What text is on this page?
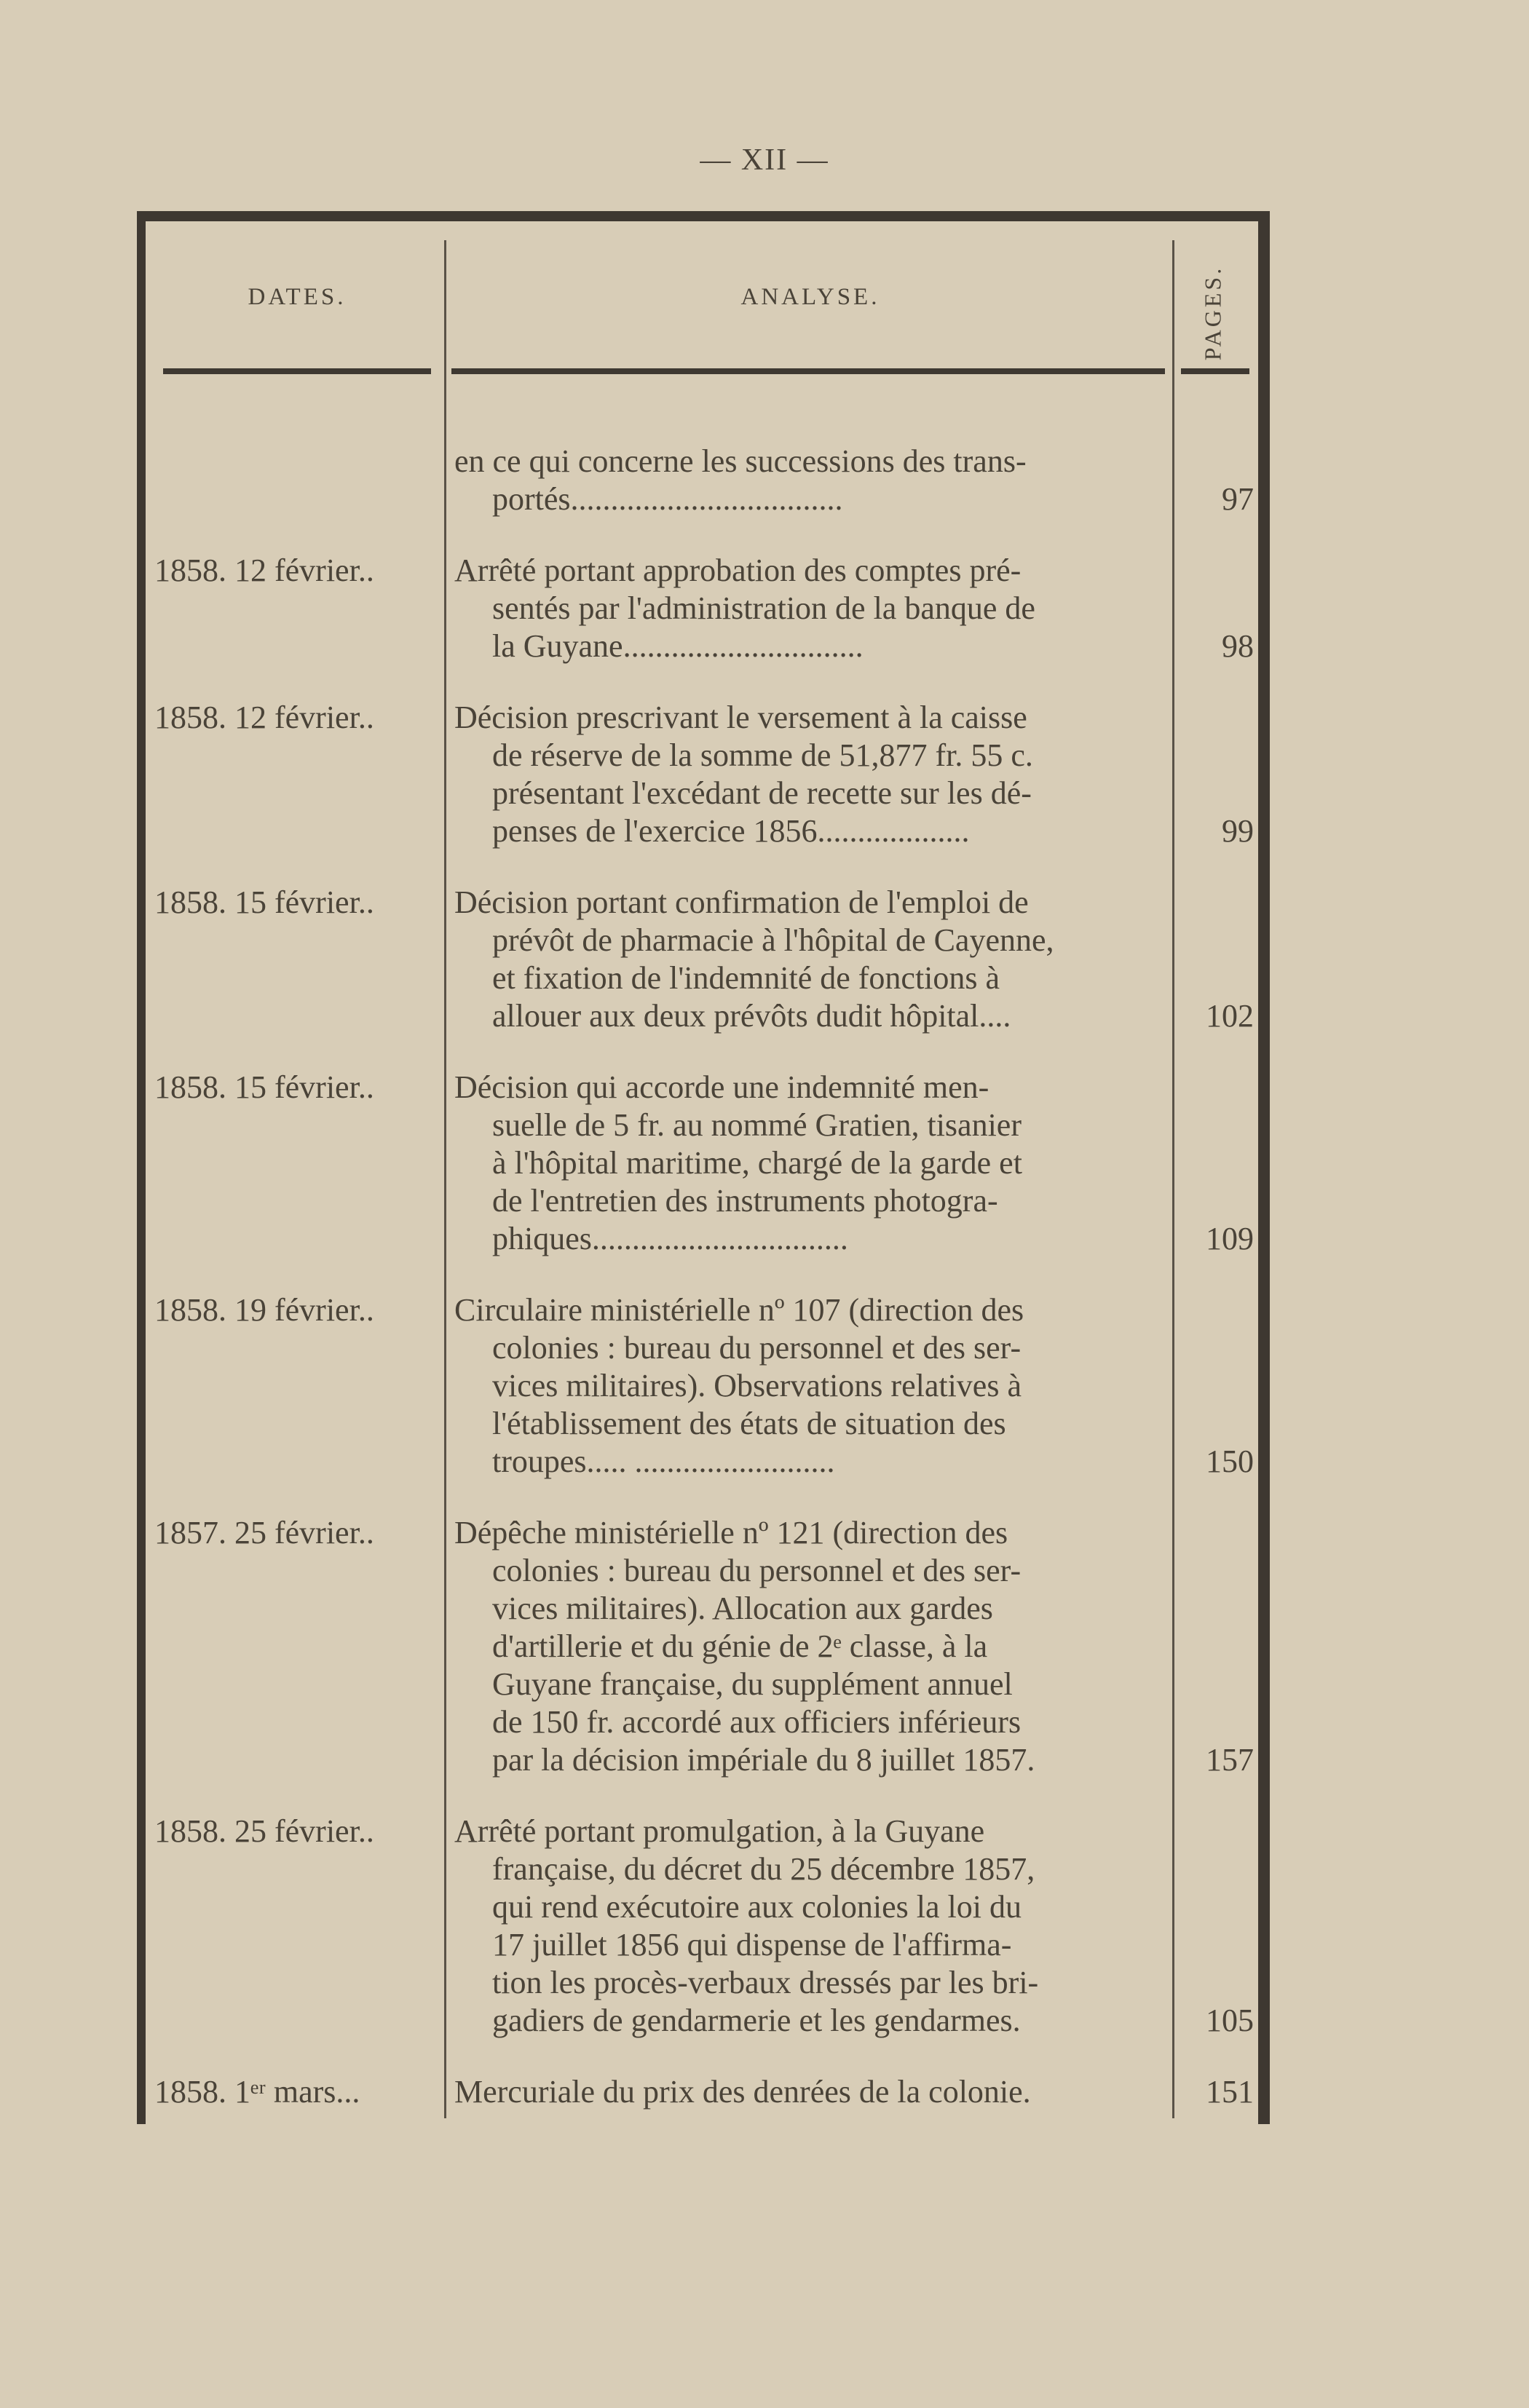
— XII —
DATES.	ANALYSE.	PAGES.
en ce qui concerne les successions des trans-
portés..................................	97
1858. 12 février..	Arrêté portant approbation des comptes pré-
sentés par l'administration de la banque de
la Guyane..............................	98
1858. 12 février..	Décision prescrivant le versement à la caisse
de réserve de la somme de 51,877 fr. 55 c.
présentant l'excédant de recette sur les dé-
penses de l'exercice 1856...................	99
1858. 15 février..	Décision portant confirmation de l'emploi de
prévôt de pharmacie à l'hôpital de Cayenne,
et fixation de l'indemnité de fonctions à
allouer aux deux prévôts dudit hôpital....	102
1858. 15 février..	Décision qui accorde une indemnité men-
suelle de 5 fr. au nommé Gratien, tisanier
à l'hôpital maritime, chargé de la garde et
de l'entretien des instruments photogra-
phiques................................	109
1858. 19 février..	Circulaire ministérielle nº 107 (direction des
colonies : bureau du personnel et des ser-
vices militaires). Observations relatives à
l'établissement des états de situation des
troupes..... .........................	150
1857. 25 février..	Dépêche ministérielle nº 121 (direction des
colonies : bureau du personnel et des ser-
vices militaires). Allocation aux gardes
d'artillerie et du génie de 2ᵉ classe, à la
Guyane française, du supplément annuel
de 150 fr. accordé aux officiers inférieurs
par la décision impériale du 8 juillet 1857.	157
1858. 25 février..	Arrêté portant promulgation, à la Guyane
française, du décret du 25 décembre 1857,
qui rend exécutoire aux colonies la loi du
17 juillet 1856 qui dispense de l'affirma-
tion les procès-verbaux dressés par les bri-
gadiers de gendarmerie et les gendarmes.	105
1858. 1ᵉʳ mars...	Mercuriale du prix des denrées de la colonie.	151
